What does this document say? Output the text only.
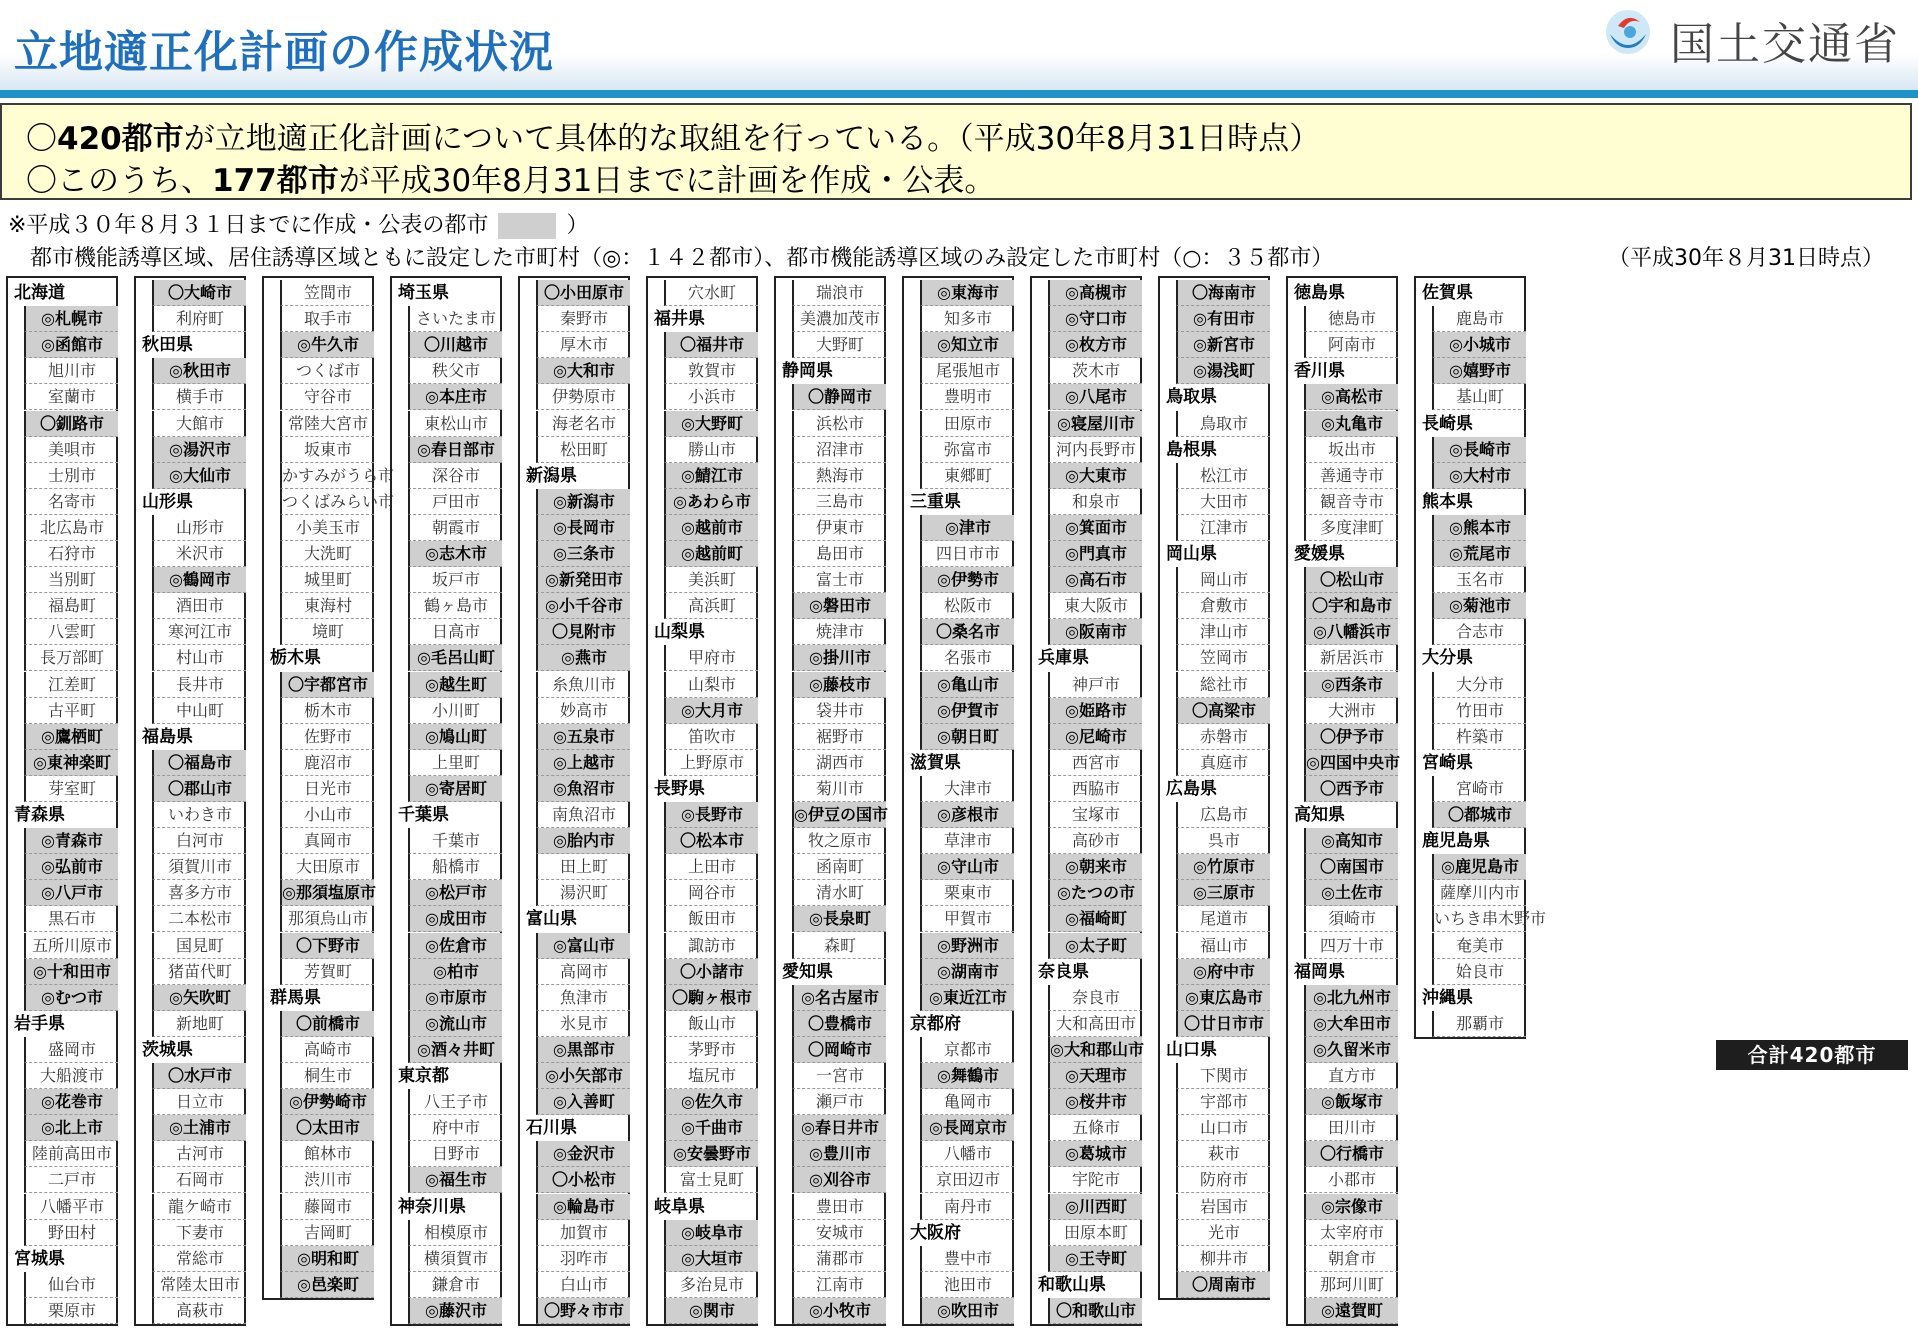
立地適正化計画の作成状況	国土交通省
〇420都市が立地適正化計画について具体的な取組を行っている。（平成30年8月31日時点）
〇このうち、177都市が平成30年8月31日までに計画を作成・公表。
※平成３０年８月３１日までに作成・公表の都市	）
都市機能誘導区域、居住誘導区域ともに設定した市町村（◎：１４２都市）、都市機能誘導区域のみ設定した市町村（○：３５都市）	（平成30年８月31日時点）
北海道
◎札幌市
◎函館市
旭川市
室蘭市
〇釧路市
美唄市
士別市
名寄市
北広島市
石狩市
当別町
福島町
八雲町
長万部町
江差町
古平町
◎鷹栖町
◎東神楽町
芽室町
青森県
◎青森市
◎弘前市
◎八戸市
黒石市
五所川原市
◎十和田市
◎むつ市
岩手県
盛岡市
大船渡市
◎花巻市
◎北上市
陸前高田市
二戸市
八幡平市
野田村
宮城県
仙台市
栗原市
〇大崎市
利府町
秋田県
◎秋田市
横手市
大館市
◎湯沢市
◎大仙市
山形県
山形市
米沢市
◎鶴岡市
酒田市
寒河江市
村山市
長井市
中山町
福島県
〇福島市
〇郡山市
いわき市
白河市
須賀川市
喜多方市
二本松市
国見町
猪苗代町
◎矢吹町
新地町
茨城県
〇水戸市
日立市
◎土浦市
古河市
石岡市
龍ケ崎市
下妻市
常総市
常陸太田市
高萩市
笠間市
取手市
◎牛久市
つくば市
守谷市
常陸大宮市
坂東市
かすみがうら市
つくばみらい市
小美玉市
大洗町
城里町
東海村
境町
栃木県
〇宇都宮市
栃木市
佐野市
鹿沼市
日光市
小山市
真岡市
大田原市
◎那須塩原市
那須烏山市
〇下野市
芳賀町
群馬県
〇前橋市
高崎市
桐生市
◎伊勢崎市
〇太田市
館林市
渋川市
藤岡市
吉岡町
◎明和町
◎邑楽町
埼玉県
さいたま市
〇川越市
秩父市
◎本庄市
東松山市
◎春日部市
深谷市
戸田市
朝霞市
◎志木市
坂戸市
鶴ヶ島市
日高市
◎毛呂山町
◎越生町
小川町
◎鳩山町
上里町
◎寄居町
千葉県
千葉市
船橋市
◎松戸市
◎成田市
◎佐倉市
◎柏市
◎市原市
◎流山市
◎酒々井町
東京都
八王子市
府中市
日野市
◎福生市
神奈川県
相模原市
横須賀市
鎌倉市
◎藤沢市
〇小田原市
秦野市
厚木市
◎大和市
伊勢原市
海老名市
松田町
新潟県
◎新潟市
◎長岡市
◎三条市
◎新発田市
◎小千谷市
〇見附市
◎燕市
糸魚川市
妙高市
◎五泉市
◎上越市
◎魚沼市
南魚沼市
◎胎内市
田上町
湯沢町
富山県
◎富山市
高岡市
魚津市
氷見市
◎黒部市
◎小矢部市
◎入善町
石川県
◎金沢市
〇小松市
◎輪島市
加賀市
羽咋市
白山市
〇野々市市
穴水町
福井県
〇福井市
敦賀市
小浜市
◎大野町
勝山市
◎鯖江市
◎あわら市
◎越前市
◎越前町
美浜町
高浜町
山梨県
甲府市
山梨市
◎大月市
笛吹市
上野原市
長野県
◎長野市
〇松本市
上田市
岡谷市
飯田市
諏訪市
〇小諸市
〇駒ヶ根市
飯山市
茅野市
塩尻市
◎佐久市
◎千曲市
◎安曇野市
富士見町
岐阜県
◎岐阜市
◎大垣市
多治見市
◎関市
瑞浪市
美濃加茂市
大野町
静岡県
〇静岡市
浜松市
沼津市
熱海市
三島市
伊東市
島田市
富士市
◎磐田市
焼津市
◎掛川市
◎藤枝市
袋井市
裾野市
湖西市
菊川市
◎伊豆の国市
牧之原市
函南町
清水町
◎長泉町
森町
愛知県
◎名古屋市
〇豊橋市
〇岡崎市
一宮市
瀬戸市
◎春日井市
◎豊川市
◎刈谷市
豊田市
安城市
蒲郡市
江南市
◎小牧市
◎東海市
知多市
◎知立市
尾張旭市
豊明市
田原市
弥富市
東郷町
三重県
◎津市
四日市市
◎伊勢市
松阪市
〇桑名市
名張市
◎亀山市
◎伊賀市
◎朝日町
滋賀県
大津市
◎彦根市
草津市
◎守山市
栗東市
甲賀市
◎野洲市
◎湖南市
◎東近江市
京都府
京都市
◎舞鶴市
亀岡市
◎長岡京市
八幡市
京田辺市
南丹市
大阪府
豊中市
池田市
◎吹田市
◎高槻市
◎守口市
◎枚方市
茨木市
◎八尾市
◎寝屋川市
河内長野市
◎大東市
和泉市
◎箕面市
◎門真市
◎高石市
東大阪市
◎阪南市
兵庫県
神戸市
◎姫路市
◎尼崎市
西宮市
西脇市
宝塚市
高砂市
◎朝来市
◎たつの市
◎福崎町
◎太子町
奈良県
奈良市
大和高田市
◎大和郡山市
◎天理市
◎桜井市
五條市
◎葛城市
宇陀市
◎川西町
田原本町
◎王寺町
和歌山県
〇和歌山市
〇海南市
◎有田市
◎新宮市
◎湯浅町
鳥取県
鳥取市
島根県
松江市
大田市
江津市
岡山県
岡山市
倉敷市
津山市
笠岡市
総社市
〇高梁市
赤磐市
真庭市
広島県
広島市
呉市
◎竹原市
◎三原市
尾道市
福山市
◎府中市
◎東広島市
〇廿日市市
山口県
下関市
宇部市
山口市
萩市
防府市
岩国市
光市
柳井市
〇周南市
徳島県
徳島市
阿南市
香川県
◎高松市
◎丸亀市
坂出市
善通寺市
観音寺市
多度津町
愛媛県
〇松山市
〇宇和島市
◎八幡浜市
新居浜市
◎西条市
大洲市
〇伊予市
◎四国中央市
〇西予市
高知県
◎高知市
〇南国市
◎土佐市
須崎市
四万十市
福岡県
◎北九州市
◎大牟田市
◎久留米市
直方市
◎飯塚市
田川市
〇行橋市
小郡市
◎宗像市
太宰府市
朝倉市
那珂川町
◎遠賀町
佐賀県
鹿島市
◎小城市
◎嬉野市
基山町
長崎県
◎長崎市
◎大村市
熊本県
◎熊本市
◎荒尾市
玉名市
◎菊池市
合志市
大分県
大分市
竹田市
杵築市
宮崎県
宮崎市
〇都城市
鹿児島県
◎鹿児島市
薩摩川内市
いちき串木野市
奄美市
姶良市
沖縄県
那覇市
合計420都市
